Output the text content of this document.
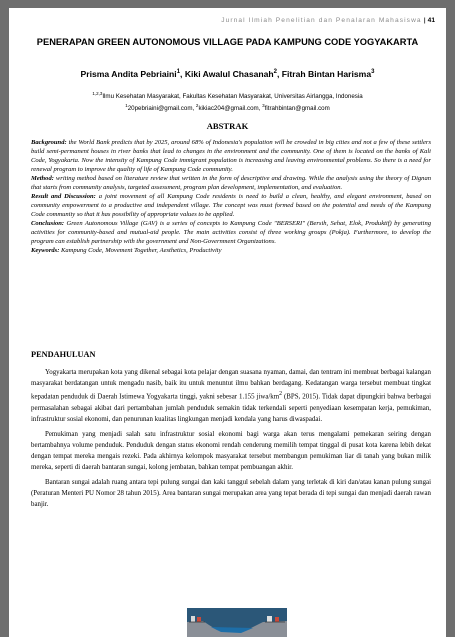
Jurnal Ilmiah Penelitian dan Penalaran Mahasiswa |41
PENERAPAN GREEN AUTONOMOUS VILLAGE PADA KAMPUNG CODE YOGYAKARTA
Prisma Andita Pebriaini$^1$, Kiki Awalul Chasanah$^2$, Fitrah Bintan Harisma$^3$
$^{1,2,3}$Ilmu Kesehatan Masyarakat, Fakultas Kesehatan Masyarakat, Universitas Airlangga, Indonesia
$^1$20pebriaini@gmail.com, $^2$kikiac204@gmail.com, $^3$fitrahbintan@gmail.com
ABSTRAK

Background: the World Bank predicts that by 2025, around 68% of Indonesia's population will be crowded in big cities and not a few of these settlers build semi-permanent houses in river banks that lead to changes in the environment and the community. One of them is located on the banks of Kali Code, Yogyakarta. Now the intensity of Kampung Code immigrant population is increasing and leaving environmental problems. So there is a need for renewal program to improve the quality of life of Kampung Code community.

Method: writing method based on literature review that written in the form of descriptive and drawing. While the analysis using the theory of Dignan that starts from community analysis, targeted assessment, program plan development, implementation, and evaluation.

Result and Discussion: a joint movement of all Kampung Code residents is need to build a clean, healthy, and elegant environment, based on community empowerment to a productive and independent village. The concept was must formed based on the potential and needs of the Kampung Code community so that it has possibility of appropriate values to be applied.

Conclusion: Green Autonomous Village (GAV) is a series of concepts to Kampung Code "BERSERI" (Bersih, Sehat, Elok, Produktif) by generating activities for community-based and mutual-aid people. The main activities consist of three working groups (Pokja). Furthermore, to develop the program can establish partnership with the government and Non-Government Organizations.

Keywords: Kampung Code, Movement Together, Aesthetics, Productivity

PENDAHULUAN

Yogyakarta merupakan kota yang dikenal sebagai kota pelajar dengan suasana nyaman, damai, dan tentram ini membuat berbagai kalangan masyarakat berdatangan untuk mengadu nasib, baik itu untuk menuntut ilmu bahkan berdagang. Kedatangan warga tersebut membuat tingkat kepadatan penduduk di Daerah Istimewa Yogyakarta tinggi, yakni sebesar 1.155 jiwa/$km^2$ (BPS, 2015). Tidak dapat dipungkiri bahwa berbagai permasalahan sebagai akibat dari pertambahan jumlah penduduk semakin tidak terkendali seperti penyediaan kesempatan kerja, pemukiman, infrastruktur sosial ekonomi, dan penurunan kualitas lingkungan menjadi kendala yang harus diwaspadai.

Pemukiman yang menjadi salah satu infrastruktur sosial ekonomi bagi warga akan terus mengalami pemekaran seiring dengan bertambahnya volume penduduk. Penduduk dengan status ekonomi rendah cenderung memilih tempat tinggal di pusat kota karena lebih dekat dengan tempat mereka mengais rezeki. Pada akhirnya kelompok masyarakat tersebut membangun pemukiman liar di tanah yang bukan milik mereka, seperti di daerah bantaran sungai, kolong jembatan, bahkan tempat pembuangan akhir.

Bantaran sungai adalah ruang antara tepi pulung sungai dan kaki tanggul sebelah dalam yang terletak di kiri dan/atau kanan pulung sungai (Peraturan Menteri PU Nomor 28 tahun 2015). Area bantaran sungai merupakan area yang tepat berada di tepi sungai dan menjadi daerah rawan banjir.
